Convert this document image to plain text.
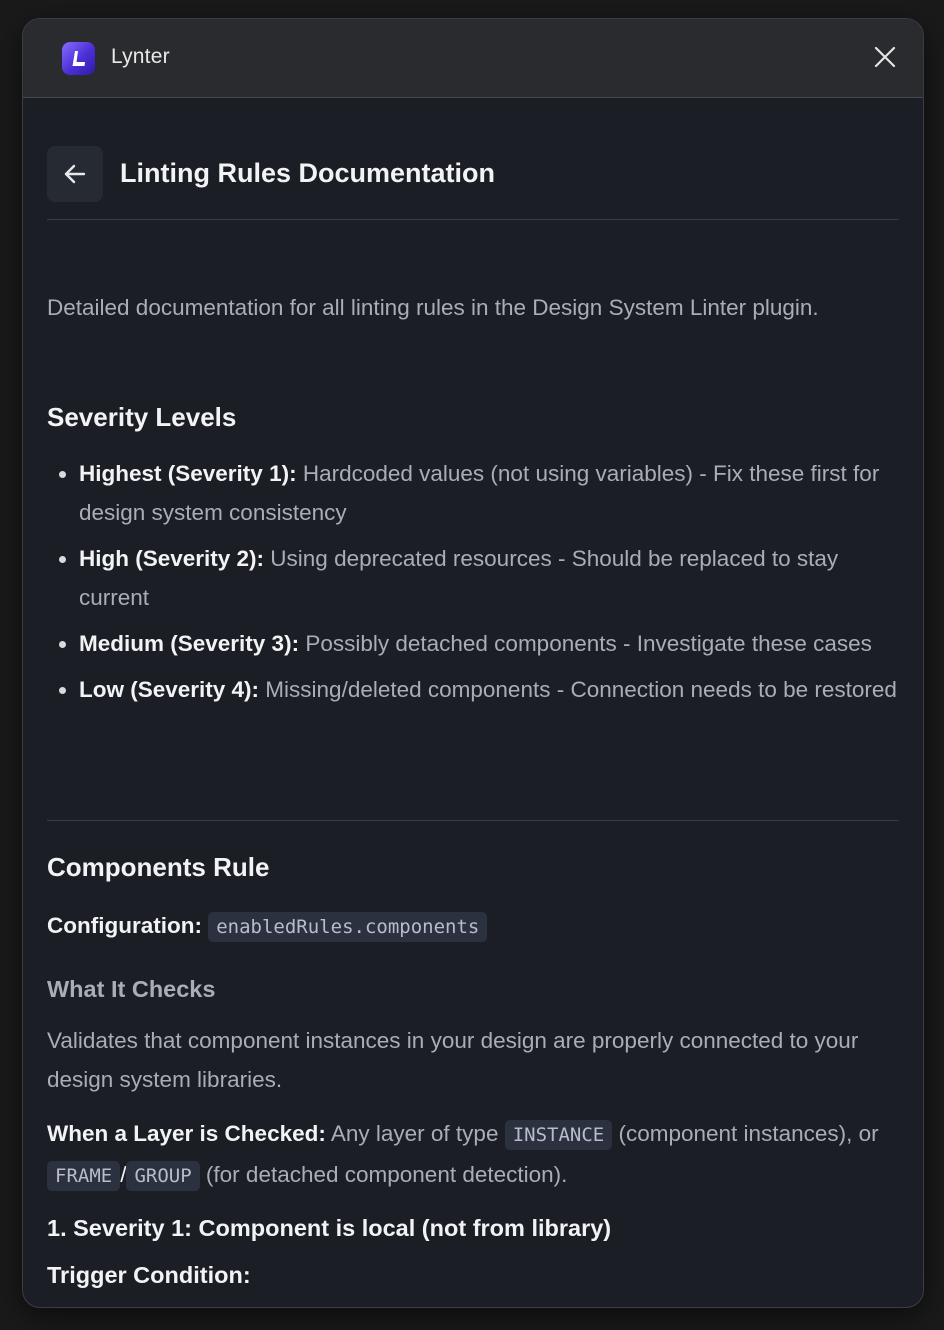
Lynter
Linting Rules Documentation

Detailed documentation for all linting rules in the Design System Linter plugin.

Severity Levels
• Highest (Severity 1): Hardcoded values (not using variables) - Fix these first for design system consistency
• High (Severity 2): Using deprecated resources - Should be replaced to stay current
• Medium (Severity 3): Possibly detached components - Investigate these cases
• Low (Severity 4): Missing/deleted components - Connection needs to be restored
Components Rule
Configuration: enabledRules.components
What It Checks

Validates that component instances in your design are properly connected to your design system libraries.

When a Layer is Checked: Any layer of type INSTANCE (component instances), or FRAME / GROUP (for detached component detection).

1. Severity 1: Component is local (not from library)
Trigger Condition:
